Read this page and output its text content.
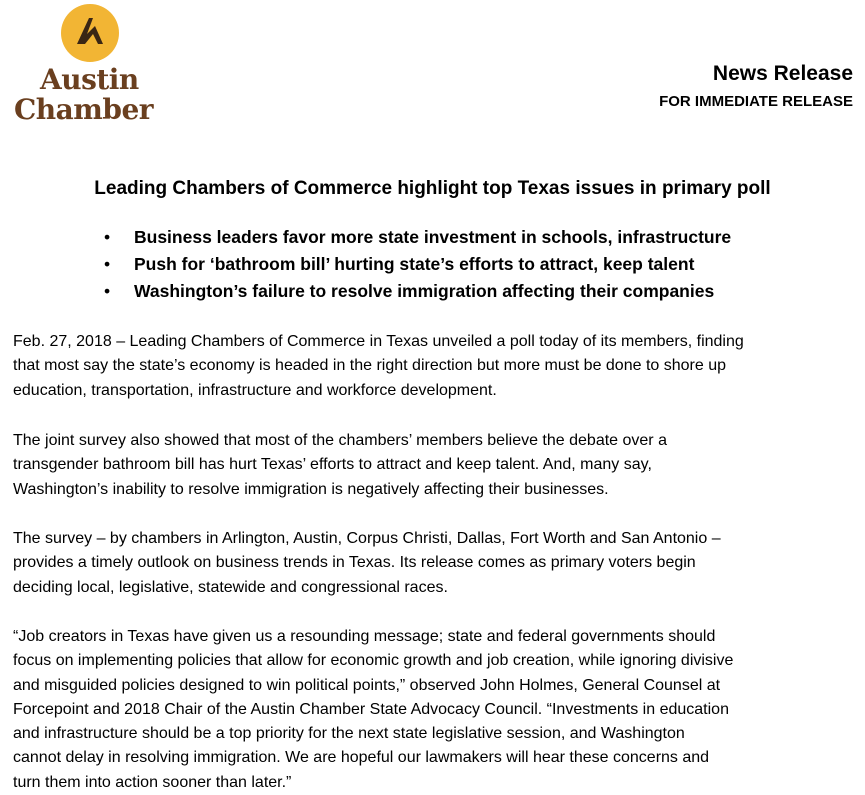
Austin
Chamber
News Release
FOR IMMEDIATE RELEASE
Leading Chambers of Commerce highlight top Texas issues in primary poll
• Business leaders favor more state investment in schools, infrastructure
• Push for ‘bathroom bill’ hurting state’s efforts to attract, keep talent
• Washington’s failure to resolve immigration affecting their companies
Feb. 27, 2018 – Leading Chambers of Commerce in Texas unveiled a poll today of its members, finding
that most say the state’s economy is headed in the right direction but more must be done to shore up
education, transportation, infrastructure and workforce development.
The joint survey also showed that most of the chambers’ members believe the debate over a
transgender bathroom bill has hurt Texas’ efforts to attract and keep talent. And, many say,
Washington’s inability to resolve immigration is negatively affecting their businesses.
The survey – by chambers in Arlington, Austin, Corpus Christi, Dallas, Fort Worth and San Antonio –
provides a timely outlook on business trends in Texas. Its release comes as primary voters begin
deciding local, legislative, statewide and congressional races.
“Job creators in Texas have given us a resounding message; state and federal governments should
focus on implementing policies that allow for economic growth and job creation, while ignoring divisive
and misguided policies designed to win political points,” observed John Holmes, General Counsel at
Forcepoint and 2018 Chair of the Austin Chamber State Advocacy Council. “Investments in education
and infrastructure should be a top priority for the next state legislative session, and Washington
cannot delay in resolving immigration. We are hopeful our lawmakers will hear these concerns and
turn them into action sooner than later.”
